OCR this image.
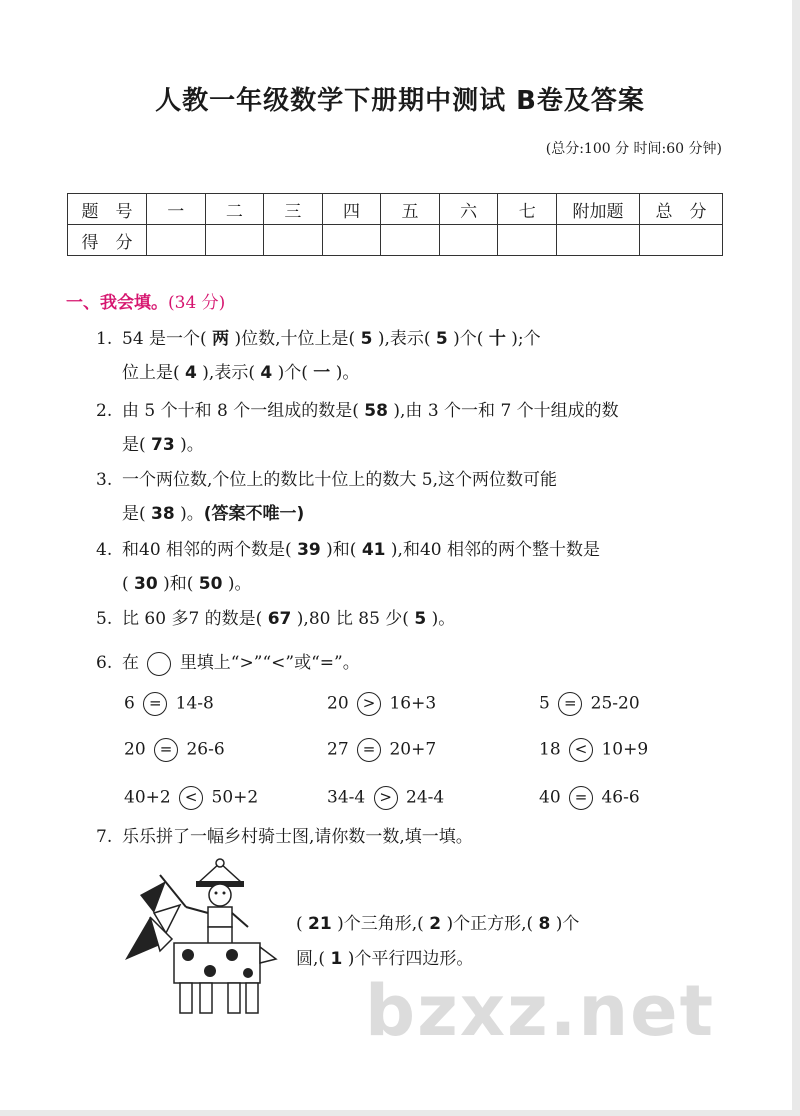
人教一年级数学下册期中测试 B卷及答案
(总分:100 分 时间:60 分钟)
题　号	一	二	三	四	五	六	七	附加题	总　分
得　分									
一、我会填。(34 分)
1. 54 是一个( 两 )位数,十位上是( 5 ),表示( 5 )个( 十 );个
位上是( 4 ),表示( 4 )个( 一 )。
2. 由 5 个十和 8 个一组成的数是( 58 ),由 3 个一和 7 个十组成的数
是( 73 )。
3. 一个两位数,个位上的数比十位上的数大 5,这个两位数可能
是( 38 )。(答案不唯一)
4. 和40 相邻的两个数是( 39 )和( 41 ),和40 相邻的两个整十数是
( 30 )和( 50 )。
5. 比 60 多7 的数是( 67 ),80 比 85 少( 5 )。
6. 在 里填上“>”“<”或“=”。
6 = 14-8	20 > 16+3	5 = 25-20
20 = 26-6	27 = 20+7	18 < 10+9
40+2 < 50+2	34-4 > 24-4	40 = 46-6
7. 乐乐拼了一幅乡村骑士图,请你数一数,填一填。
( 21 )个三角形,( 2 )个正方形,( 8 )个
圆,( 1 )个平行四边形。
bzxz.net
